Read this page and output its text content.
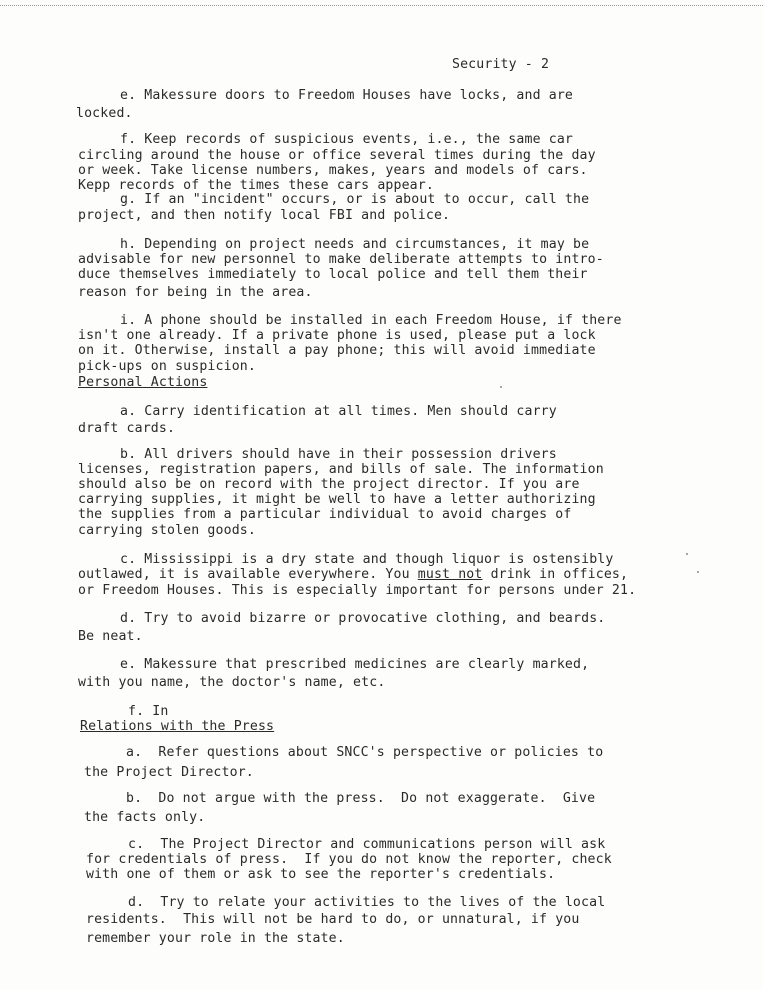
Security - 2
e. Makessure doors to Freedom Houses have locks, and are
locked.
f. Keep records of suspicious events, i.e., the same car
circling around the house or office several times during the day
or week. Take license numbers, makes, years and models of cars.
Kepp records of the times these cars appear.
g. If an "incident" occurs, or is about to occur, call the
project, and then notify local FBI and police.
h. Depending on project needs and circumstances, it may be
advisable for new personnel to make deliberate attempts to intro-
duce themselves immediately to local police and tell them their
reason for being in the area.
i. A phone should be installed in each Freedom House, if there
isn't one already. If a private phone is used, please put a lock
on it. Otherwise, install a pay phone; this will avoid immediate
pick-ups on suspicion.
Personal Actions
a. Carry identification at all times. Men should carry
draft cards.
b. All drivers should have in their possession drivers
licenses, registration papers, and bills of sale. The information
should also be on record with the project director. If you are
carrying supplies, it might be well to have a letter authorizing
the supplies from a particular individual to avoid charges of
carrying stolen goods.
c. Mississippi is a dry state and though liquor is ostensibly
outlawed, it is available everywhere. You must not drink in offices,
or Freedom Houses. This is especially important for persons under 21.
d. Try to avoid bizarre or provocative clothing, and beards.
Be neat.
e. Makessure that prescribed medicines are clearly marked,
with you name, the doctor's name, etc.
f. In
Relations with the Press
a.  Refer questions about SNCC's perspective or policies to
the Project Director.
b.  Do not argue with the press.  Do not exaggerate.  Give
the facts only.
c.  The Project Director and communications person will ask
for credentials of press.  If you do not know the reporter, check
with one of them or ask to see the reporter's credentials.
d.  Try to relate your activities to the lives of the local
residents.  This will not be hard to do, or unnatural, if you
remember your role in the state.
